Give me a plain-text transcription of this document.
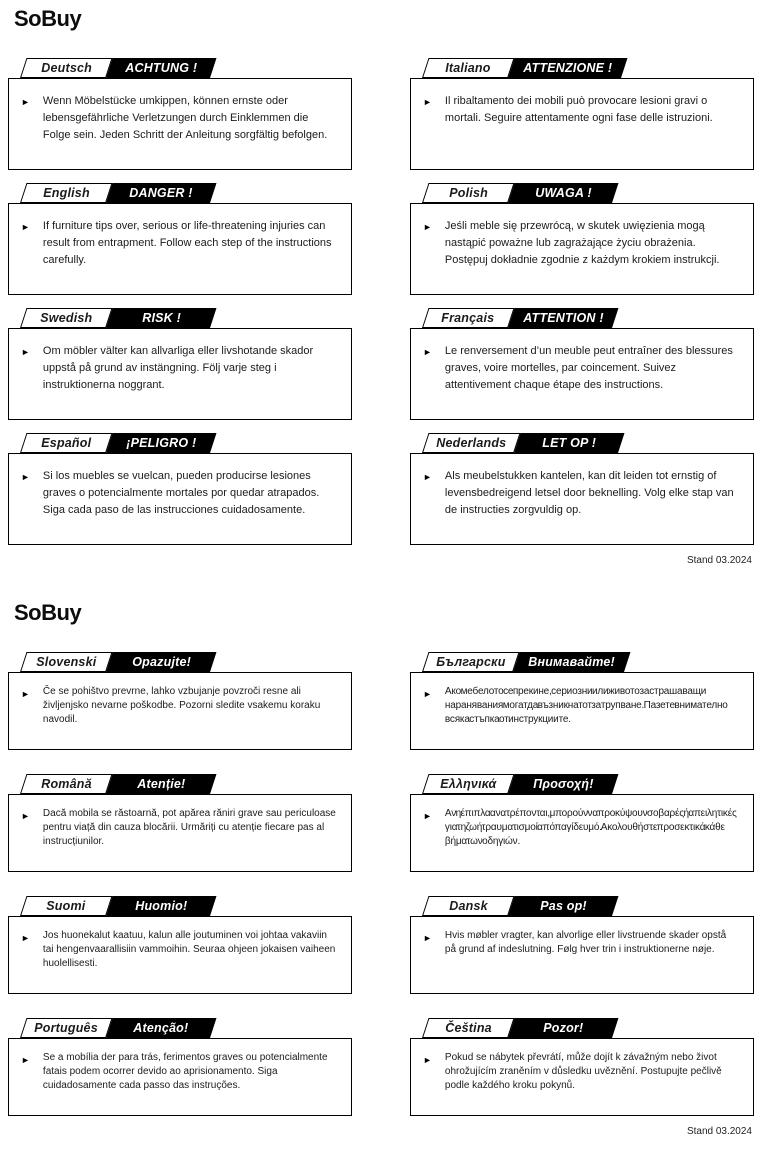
SoBuy
Deutsch	ACHTUNG !
► Wenn Möbelstücke umkippen, können ernste oder lebensgefährliche Verletzungen durch Einklemmen die Folge sein. Jeden Schritt der Anleitung sorgfältig befolgen.

Italiano	ATTENZIONE !
► Il ribaltamento dei mobili può provocare lesioni gravi o mortali. Seguire attentamente ogni fase delle istruzioni.

English	DANGER !
► If furniture tips over, serious or life-threatening injuries can result from entrapment. Follow each step of the instructions carefully.

Polish	UWAGA !
► Jeśli meble się przewrócą, w skutek uwięzienia mogą nastąpić poważne lub zagrażające życiu obrażenia. Postępuj dokładnie zgodnie z każdym krokiem instrukcji.

Swedish	RISK !
► Om möbler välter kan allvarliga eller livshotande skador uppstå på grund av instängning. Följ varje steg i instruktionerna noggrant.

Français ATTENTION !
► Le renversement d’un meuble peut entraîner des blessures graves, voire mortelles, par coincement. Suivez attentivement chaque étape des instructions.

Español	¡PELIGRO !
► Si los muebles se vuelcan, pueden producirse lesiones graves o potencialmente mortales por quedar atrapados. Siga cada paso de las instrucciones cuidadosamente.

Nederlands	LET OP !
► Als meubelstukken kantelen, kan dit leiden tot ernstig of levensbedreigend letsel door beknelling. Volg elke stap van de instructies zorgvuldig op.

Stand 03.2024
SoBuy
Slovenski	Opazujte!
► Če se pohištvo prevrne, lahko vzbujanje povzroči resne ali življenjsko nevarne poškodbe. Pozorni sledite vsakemu koraku navodil.

Български Внимавайте!
► Ако мебелото се прекине, сериозни или животозастрашаващи наранявания могат да възникнат от затрупване. Пазете внимателно всяка стъпка от инструкциите.

Română	Atenție!
► Dacă mobila se răstoarnă, pot apărea răniri grave sau periculoase pentru viață din cauza blocării. Urmăriți cu atenție fiecare pas al instrucțiunilor.

Ελληνικά	Προσοχή!
► Αν η έπιπλα ανατρέπονται, μπορούν να προκύψουν σοβαρές ή απειλητικές για τη ζωή τραυματισμοί από παγίδευμό. Ακολουθήστε προσεκτικά κάθε βήμα των οδηγιών.

Suomi	Huomio!
► Jos huonekalut kaatuu, kalun alle joutuminen voi johtaa vakaviin tai hengenvaarallisiin vammoihin. Seuraa ohjeen jokaisen vaiheen huolellisesti.

Dansk	Pas op!
► Hvis møbler vragter, kan alvorlige eller livstruende skader opstå på grund af indeslutning. Følg hver trin i instruktionerne nøje.

Português	Atenção!
► Se a mobília der para trás, ferimentos graves ou potencialmente fatais podem ocorrer devido ao aprisionamento. Siga cuidadosamente cada passo das instruções.

Čeština	Pozor!
► Pokud se nábytek převrátí, může dojít k závažným nebo život ohrožujícím zraněním v důsledku uvěznění. Postupujte pečlivě podle každého kroku pokynů.

Stand 03.2024
